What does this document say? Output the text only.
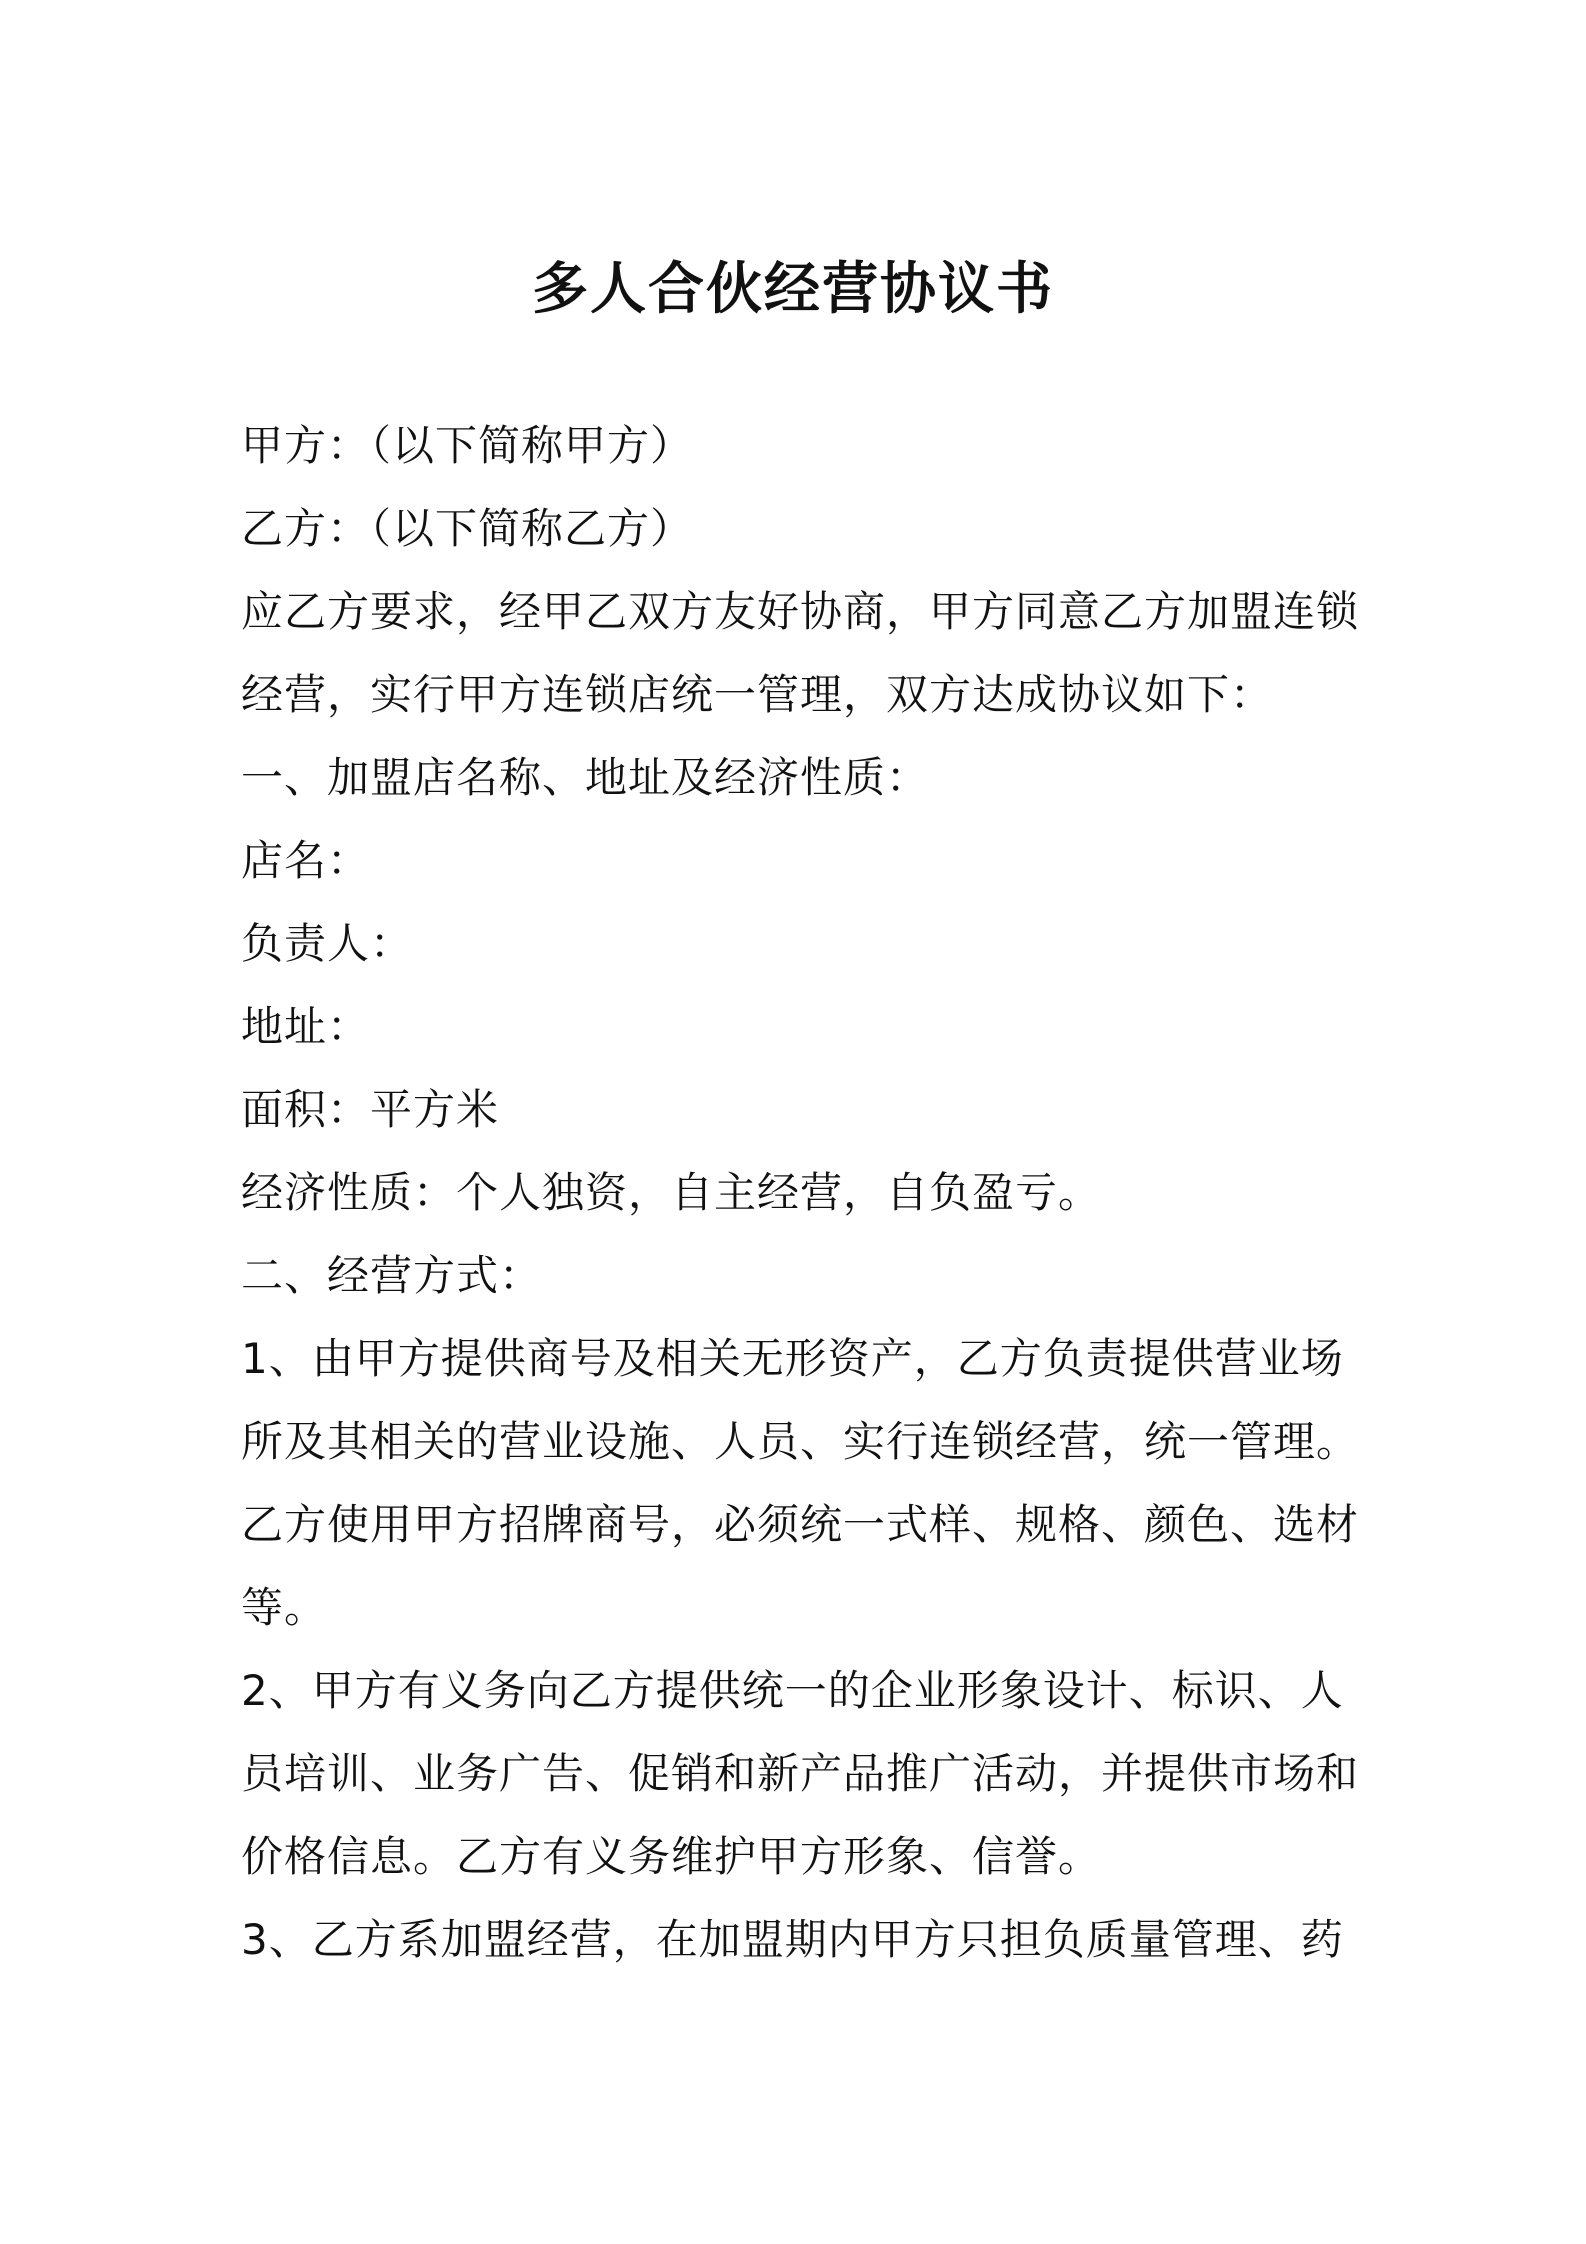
多人合伙经营协议书

甲方：（以下简称甲方）

乙方：（以下简称乙方）

应乙方要求，经甲乙双方友好协商，甲方同意乙方加盟连锁

经营，实行甲方连锁店统一管理，双方达成协议如下：

一、加盟店名称、地址及经济性质：

店名：

负责人：

地址：

面积：平方米

经济性质：个人独资，自主经营，自负盈亏。

二、经营方式：

1、由甲方提供商号及相关无形资产，乙方负责提供营业场

所及其相关的营业设施、人员、实行连锁经营，统一管理。

乙方使用甲方招牌商号，必须统一式样、规格、颜色、选材

等。

2、甲方有义务向乙方提供统一的企业形象设计、标识、人

员培训、业务广告、促销和新产品推广活动，并提供市场和

价格信息。乙方有义务维护甲方形象、信誉。

3、乙方系加盟经营，在加盟期内甲方只担负质量管理、药
